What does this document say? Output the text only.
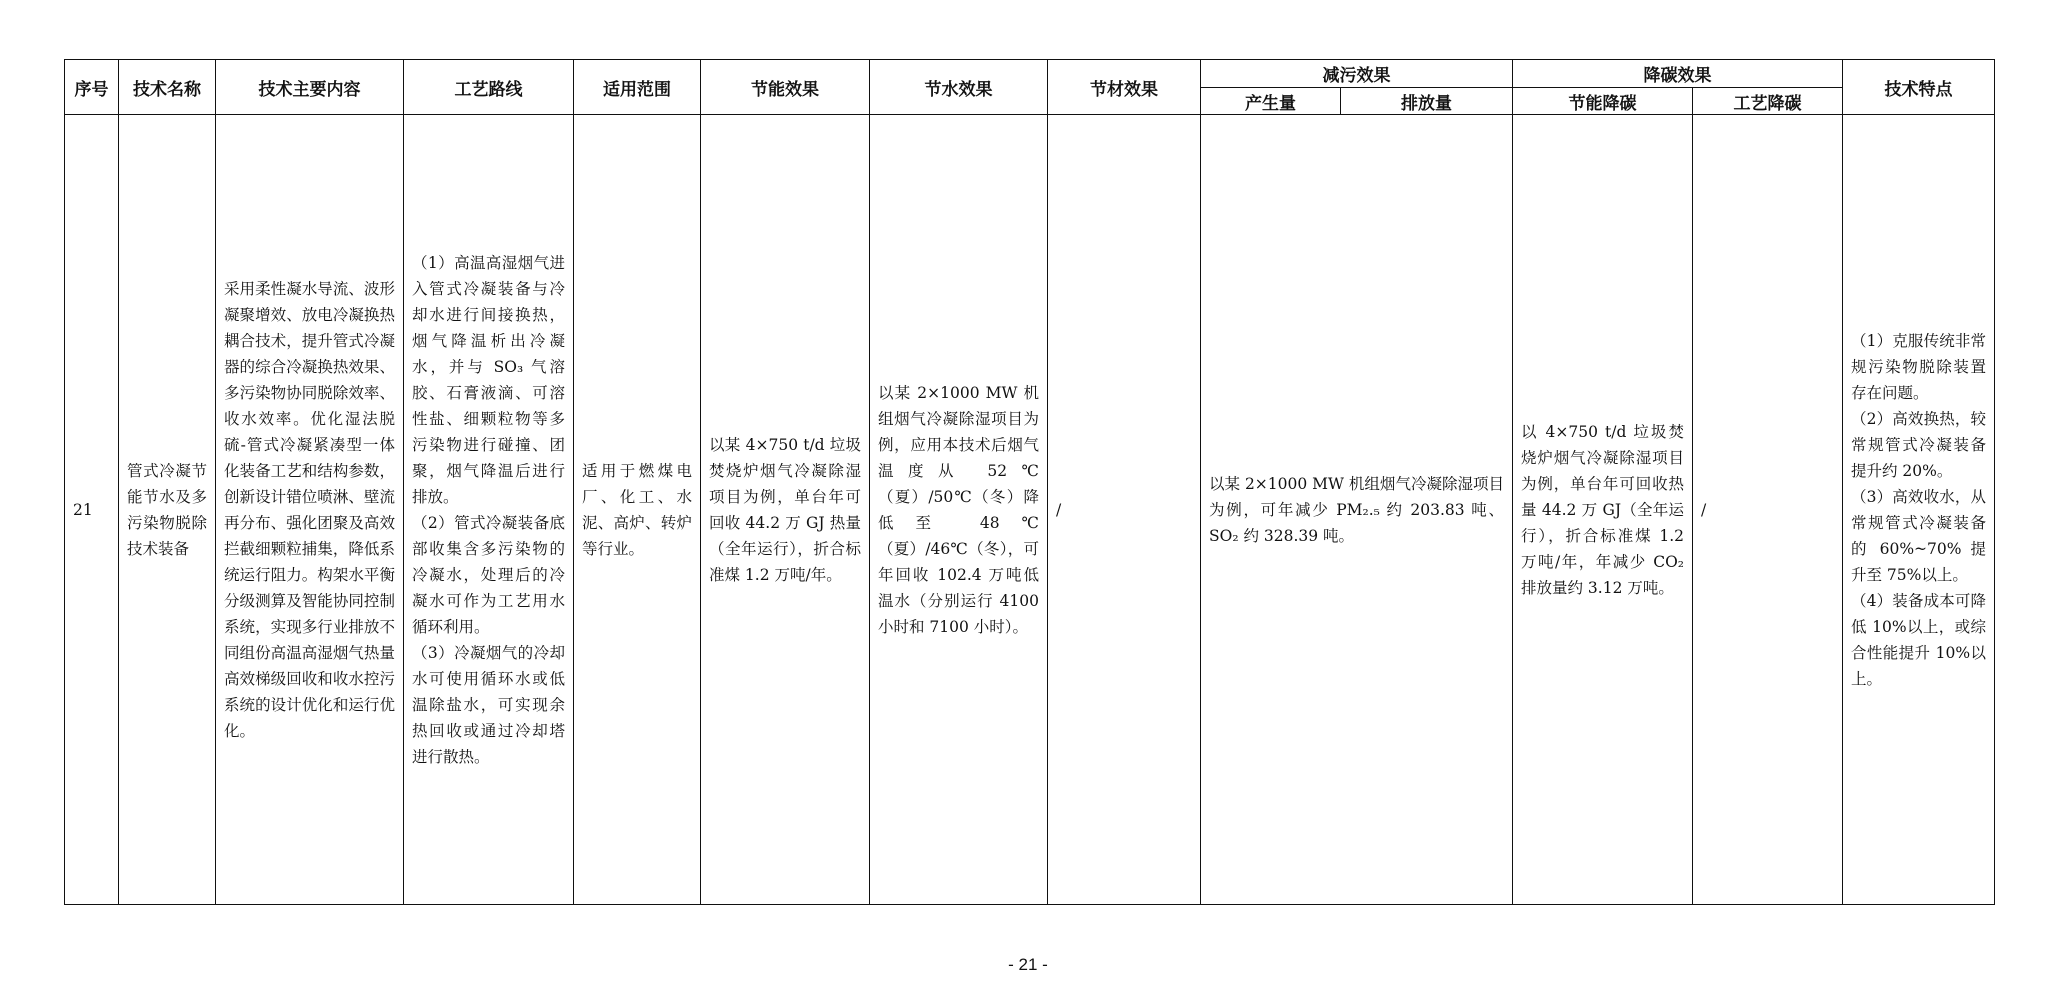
序号	技术名称	技术主要内容	工艺路线	适用范围	节能效果	节水效果	节材效果	减污效果		降碳效果		技术特点
								产生量	排放量	节能降碳	工艺降碳	
21	管式冷凝节能节水及多污染物脱除技术装备	采用柔性凝水导流、波形凝聚增效、放电冷凝换热耦合技术，提升管式冷凝器的综合冷凝换热效果、多污染物协同脱除效率、收水效率。优化湿法脱硫-管式冷凝紧凑型一体化装备工艺和结构参数，创新设计错位喷淋、壁流再分布、强化团聚及高效拦截细颗粒捕集，降低系统运行阻力。构架水平衡分级测算及智能协同控制系统，实现多行业排放不同组份高温高湿烟气热量高效梯级回收和收水控污系统的设计优化和运行优化。	（1）高温高湿烟气进入管式冷凝装备与冷却水进行间接换热，烟气降温析出冷凝水，并与 SO₃ 气溶胶、石膏液滴、可溶性盐、细颗粒物等多污染物进行碰撞、团聚，烟气降温后进行排放。
（2）管式冷凝装备底部收集含多污染物的冷凝水，处理后的冷凝水可作为工艺用水循环利用。
（3）冷凝烟气的冷却水可使用循环水或低温除盐水，可实现余热回收或通过冷却塔进行散热。	适用于燃煤电厂、化工、水泥、高炉、转炉等行业。	以某 4×750 t/d 垃圾焚烧炉烟气冷凝除湿项目为例，单台年可回收 44.2 万 GJ 热量（全年运行），折合标准煤 1.2 万吨/年。	以某 2×1000 MW 机组烟气冷凝除湿项目为例，应用本技术后烟气温度从 52℃（夏）/50℃（冬）降低至 48℃（夏）/46℃（冬），可年回收 102.4 万吨低温水（分别运行 4100 小时和 7100 小时）。	/	以某 2×1000 MW 机组烟气冷凝除湿项目为例，可年减少 PM₂.₅ 约 203.83 吨、SO₂ 约 328.39 吨。		以 4×750 t/d 垃圾焚烧炉烟气冷凝除湿项目为例，单台年可回收热量 44.2 万 GJ（全年运行），折合标准煤 1.2 万吨/年，年减少 CO₂ 排放量约 3.12 万吨。	/	（1）克服传统非常规污染物脱除装置存在问题。
（2）高效换热，较常规管式冷凝装备提升约 20%。
（3）高效收水，从常规管式冷凝装备的 60%~70% 提升至 75%以上。
（4）装备成本可降低 10%以上，或综合性能提升 10%以上。
- 21 -
